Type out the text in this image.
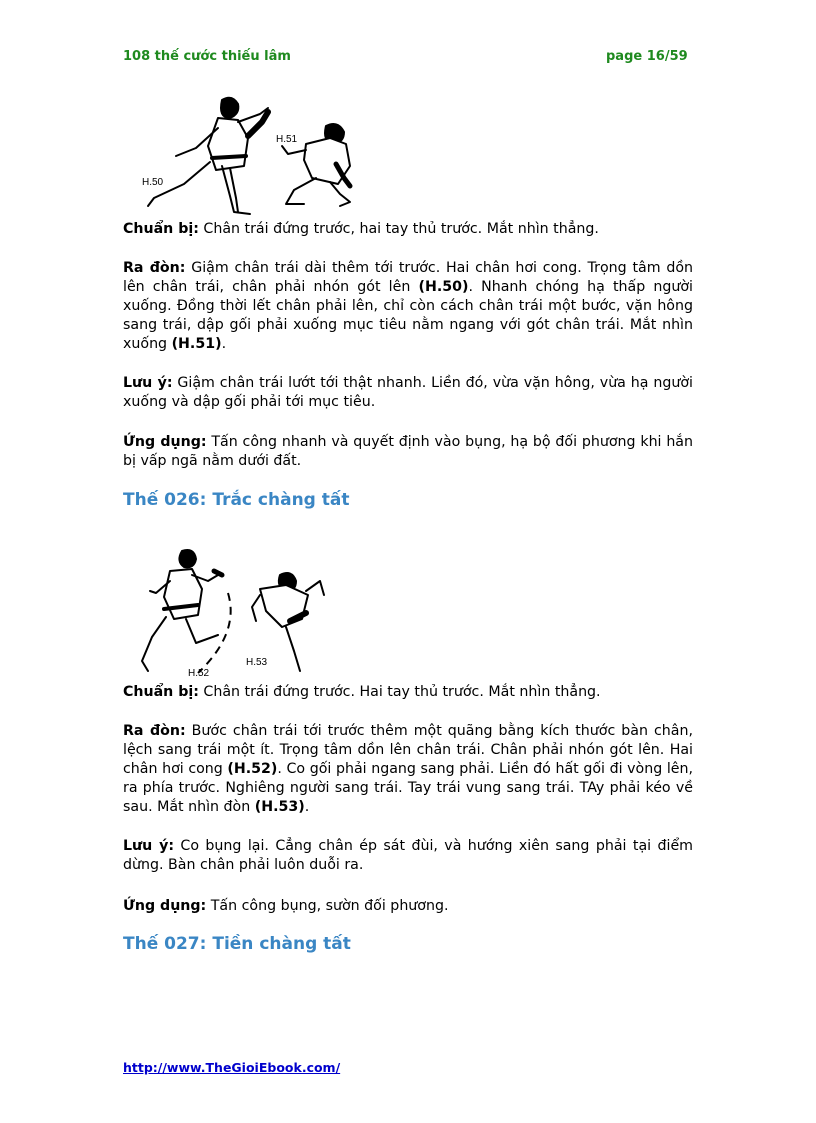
108 thế cước thiếu lâm	page 16/59
H.50
H.51
Chuẩn bị: Chân trái đứng trước, hai tay thủ trước. Mắt nhìn thẳng.
Ra đòn: Giậm chân trái dài thêm tới trước. Hai chân hơi cong. Trọng tâm dồn lên chân trái, chân phải nhón gót lên (H.50). Nhanh chóng hạ thấp người xuống. Đồng thời lết chân phải lên, chỉ còn cách chân trái một bước, vặn hông sang trái, dập gối phải xuống mục tiêu nằm ngang với gót chân trái. Mắt nhìn xuống (H.51).
Lưu ý: Giậm chân trái lướt tới thật nhanh. Liền đó, vừa vặn hông, vừa hạ người xuống và dập gối phải tới mục tiêu.
Ứng dụng: Tấn công nhanh và quyết định vào bụng, hạ bộ đối phương khi hắn bị vấp ngã nằm dưới đất.
Thế 026: Trắc chàng tất
H.52
H.53
Chuẩn bị: Chân trái đứng trước. Hai tay thủ trước. Mắt nhìn thẳng.
Ra đòn: Bước chân trái tới trước thêm một quãng bằng kích thước bàn chân, lệch sang trái một ít. Trọng tâm dồn lên chân trái. Chân phải nhón gót lên. Hai chân hơi cong (H.52). Co gối phải ngang sang phải. Liền đó hất gối đi vòng lên, ra phía trước. Nghiêng người sang trái. Tay trái vung sang trái. TAy phải kéo về sau. Mắt nhìn đòn (H.53).
Lưu ý: Co bụng lại. Cẳng chân ép sát đùi, và hướng xiên sang phải tại điểm dừng. Bàn chân phải luôn duỗi ra.
Ứng dụng: Tấn công bụng, sườn đối phương.
Thế 027: Tiền chàng tất
http://www.TheGioiEbook.com/
